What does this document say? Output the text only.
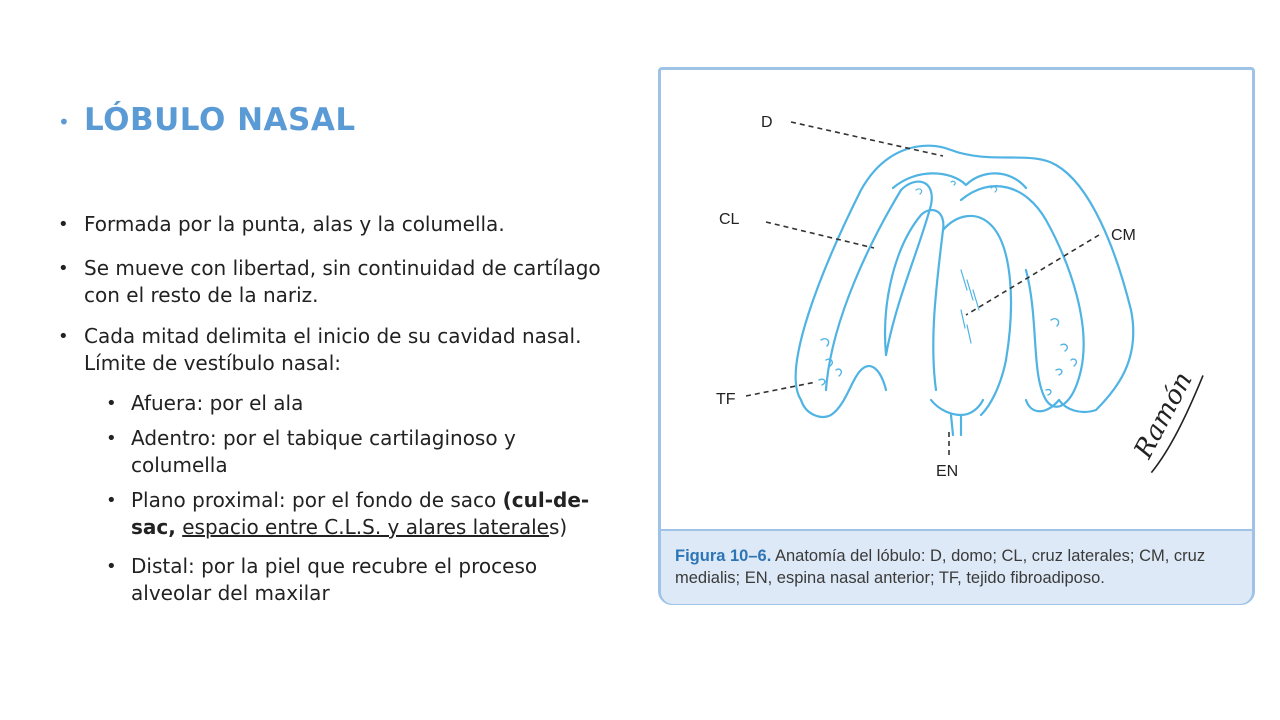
• LÓBULO NASAL
• Formada por la punta, alas y la columella.
• Se mueve con libertad, sin continuidad de cartílago
con el resto de la nariz.
• Cada mitad delimita el inicio de su cavidad nasal.
Límite de vestíbulo nasal:
• Afuera: por el ala
• Adentro: por el tabique cartilaginoso y
columella
• Plano proximal: por el fondo de saco (cul-de-
sac, espacio entre C.L.S. y alares laterales)
• Distal: por la piel que recubre el proceso
alveolar del maxilar
D
CL
CM
TF
EN
Ramón
Figura 10–6. Anatomía del lóbulo: D, domo; CL, cruz laterales; CM, cruz medialis; EN, espina nasal anterior; TF, tejido fibroadiposo.
